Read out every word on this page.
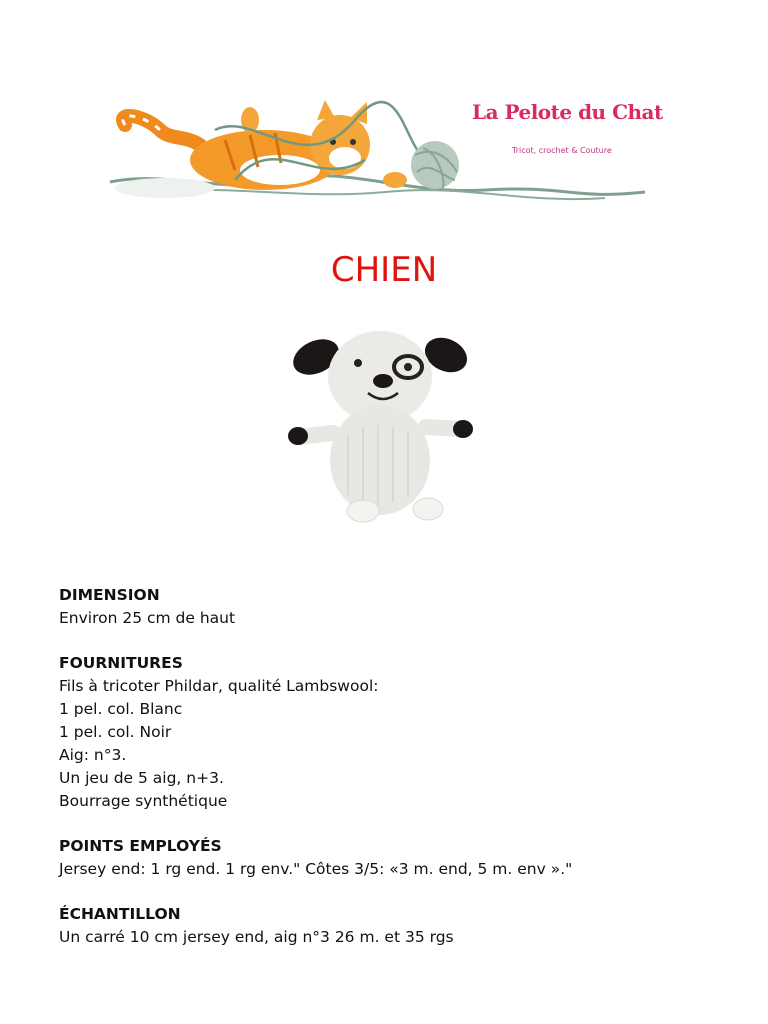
La Pelote du Chat
Tricot, crochet & Couture
CHIEN
DIMENSION
Environ 25 cm de haut
FOURNITURES
Fils à tricoter Phildar, qualité Lambswool:
1 pel. col. Blanc
1 pel. col. Noir
Aig: n°3.
Un jeu de 5 aig, n+3.
Bourrage synthétique
POINTS EMPLOYÉS
Jersey end: 1 rg end. 1 rg env." Côtes 3/5: «3 m. end, 5 m. env »."
ÉCHANTILLON
Un carré 10 cm jersey end, aig n°3 26 m. et 35 rgs
